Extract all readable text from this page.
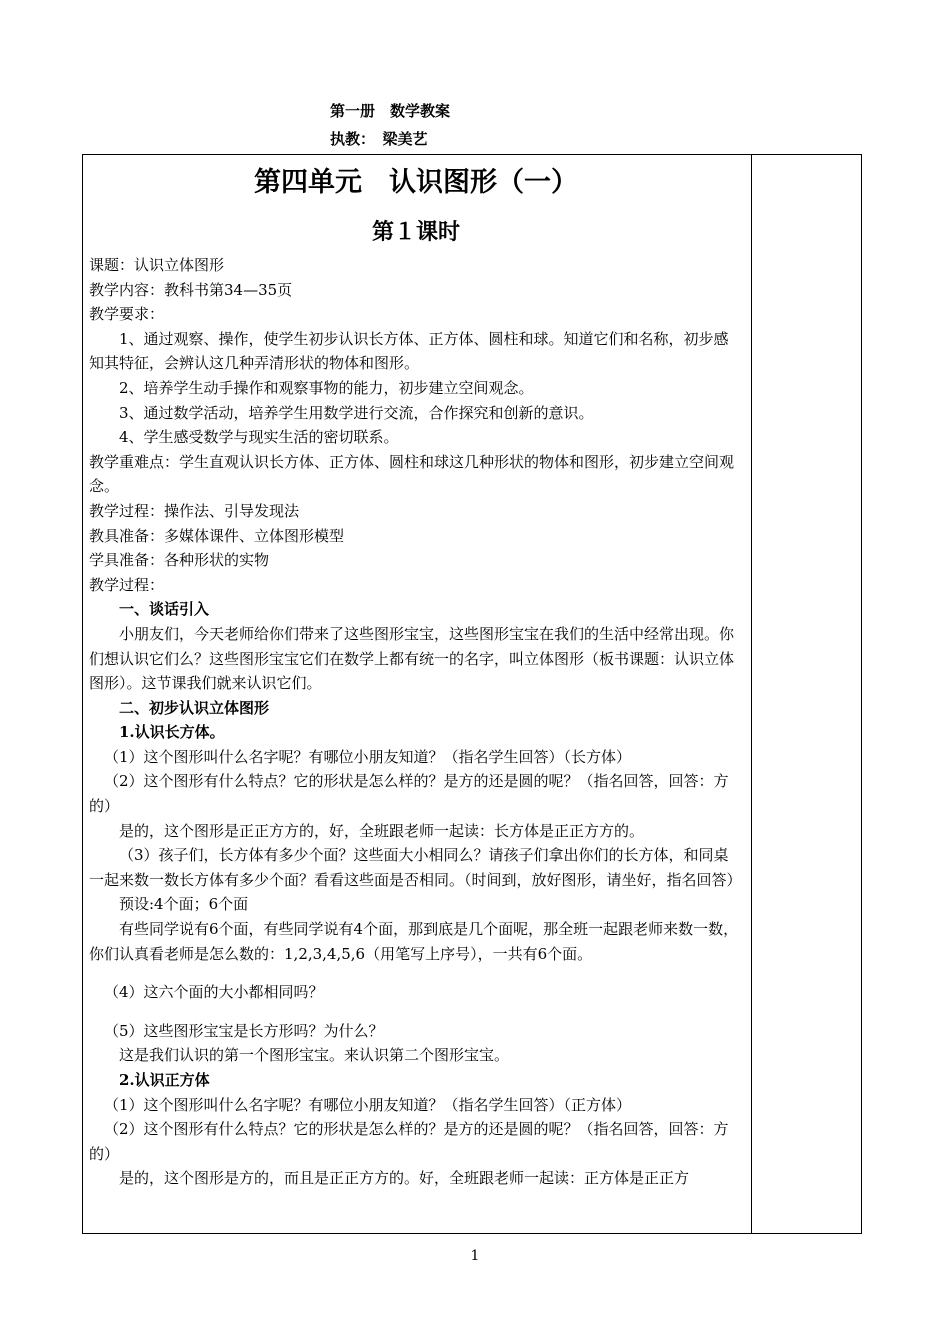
第一册　数学教案
执教：　梁美艺
第四单元　认识图形（一）
第１课时

课题：认识立体图形

教学内容：教科书第34—35页

教学要求：

1、通过观察、操作，使学生初步认识长方体、正方体、圆柱和球。知道它们和名称，初步感知其特征，会辨认这几种弄清形状的物体和图形。

2、培养学生动手操作和观察事物的能力，初步建立空间观念。

3、通过数学活动，培养学生用数学进行交流，合作探究和创新的意识。

4、学生感受数学与现实生活的密切联系。

教学重难点：学生直观认识长方体、正方体、圆柱和球这几种形状的物体和图形，初步建立空间观念。

教学过程：操作法、引导发现法

教具准备：多媒体课件、立体图形模型

学具准备：各种形状的实物

教学过程：

一、谈话引入

小朋友们，今天老师给你们带来了这些图形宝宝，这些图形宝宝在我们的生活中经常出现。你们想认识它们么？这些图形宝宝它们在数学上都有统一的名字，叫立体图形（板书课题：认识立体图形）。这节课我们就来认识它们。

二、初步认识立体图形

1.认识长方体。

（1）这个图形叫什么名字呢？有哪位小朋友知道？（指名学生回答）（长方体）

（2）这个图形有什么特点？它的形状是怎么样的？是方的还是圆的呢？（指名回答，回答：方的）

是的，这个图形是正正方方的，好，全班跟老师一起读：长方体是正正方方的。

（3）孩子们，长方体有多少个面？这些面大小相同么？请孩子们拿出你们的长方体，和同桌一起来数一数长方体有多少个面？看看这些面是否相同。（时间到，放好图形，请坐好，指名回答）

预设:4个面；6个面

有些同学说有6个面，有些同学说有4个面，那到底是几个面呢，那全班一起跟老师来数一数，你们认真看老师是怎么数的：1,2,3,4,5,6（用笔写上序号），一共有6个面。

（4）这六个面的大小都相同吗？

（5）这些图形宝宝是长方形吗？为什么？

这是我们认识的第一个图形宝宝。来认识第二个图形宝宝。

2.认识正方体

（1）这个图形叫什么名字呢？有哪位小朋友知道？（指名学生回答）（正方体）

（2）这个图形有什么特点？它的形状是怎么样的？是方的还是圆的呢？（指名回答，回答：方的）

是的，这个图形是方的，而且是正正方方的。好，全班跟老师一起读：正方体是正正方

1
